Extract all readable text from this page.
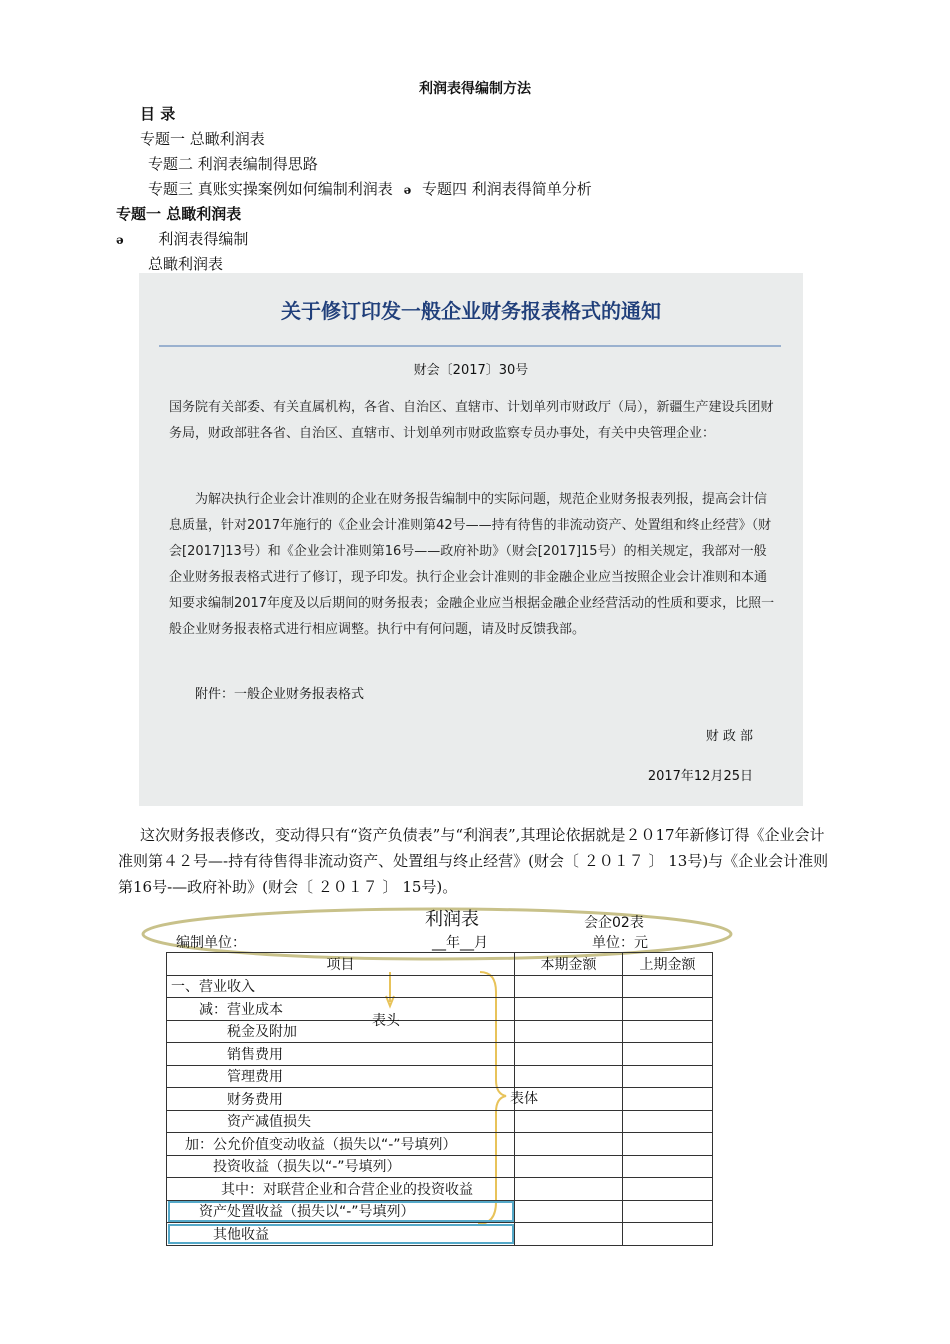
利润表得编制方法
目 录
专题一 总瞰利润表
专题二 利润表编制得思路
专题三 真账实操案例如何编制利润表 ǝ 专题四 利润表得简单分析
专题一 总瞰利润表
ǝ 利润表得编制
总瞰利润表
关于修订印发一般企业财务报表格式的通知
财会〔2017〕30号
国务院有关部委、有关直属机构，各省、自治区、直辖市、计划单列市财政厅（局），新疆生产建设兵团财务局，财政部驻各省、自治区、直辖市、计划单列市财政监察专员办事处，有关中央管理企业：
为解决执行企业会计准则的企业在财务报告编制中的实际问题，规范企业财务报表列报，提高会计信息质量，针对2017年施行的《企业会计准则第42号——持有待售的非流动资产、处置组和终止经营》（财会[2017]13号）和《企业会计准则第16号——政府补助》（财会[2017]15号）的相关规定，我部对一般企业财务报表格式进行了修订，现予印发。执行企业会计准则的非金融企业应当按照企业会计准则和本通知要求编制2017年度及以后期间的财务报表；金融企业应当根据金融企业经营活动的性质和要求，比照一般企业财务报表格式进行相应调整。执行中有何问题，请及时反馈我部。
附件：一般企业财务报表格式
财 政 部
2017年12月25日
这次财务报表修改，变动得只有“资产负债表”与“利润表”,其理论依据就是２０17年新修订得《企业会计准则第４２号—-持有待售得非流动资产、处置组与终止经营》(财会〔 ２０１７ 〕 13号)与《企业会计准则第16号-—政府补助》(财会〔 ２０１７ 〕 15号)。
利润表	会企02表
编制单位：	__年__月	单位：元
项目	本期金额	上期金额
一、营业收入		
减：营业成本		
税金及附加		
销售费用		
管理费用		
财务费用		
资产减值损失		
加：公允价值变动收益（损失以“-”号填列）		
投资收益（损失以“-”号填列）		
其中：对联营企业和合营企业的投资收益		
资产处置收益（损失以“-”号填列）		
其他收益		
表头
表体
